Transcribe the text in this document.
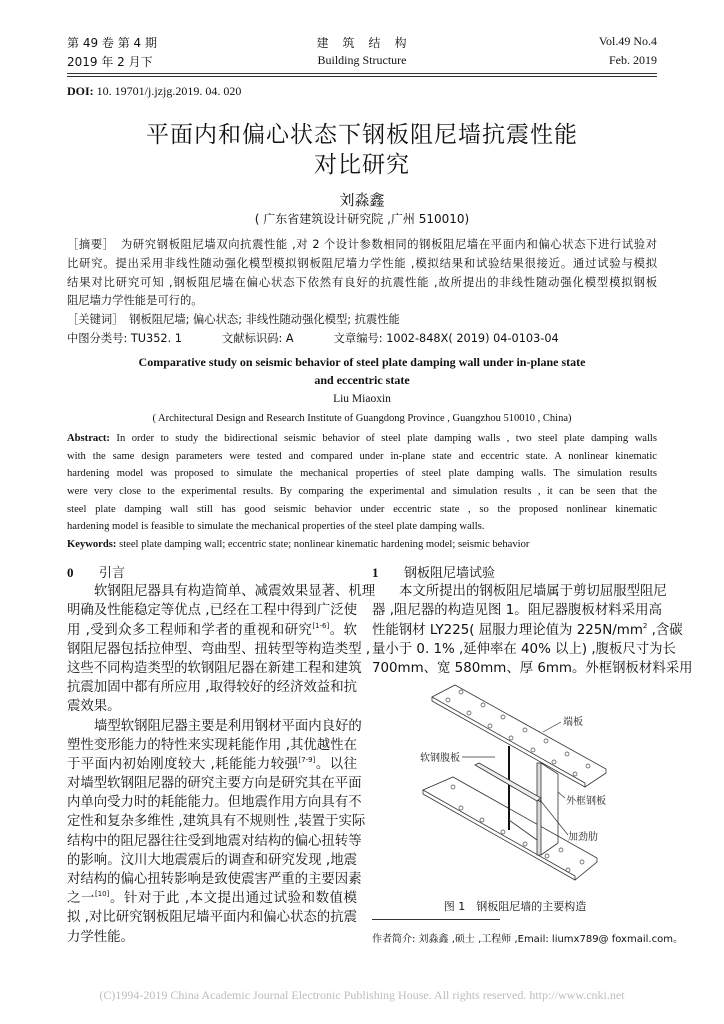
第 49 卷 第 4 期
2019 年 2 月下
建　筑　结　构
Building Structure
Vol.49 No.4
Feb. 2019
DOI: 10. 19701/j.jzjg.2019. 04. 020
平面内和偏心状态下钢板阻尼墙抗震性能
对比研究
刘淼鑫
( 广东省建筑设计研究院 ,广州 510010)
［摘要］　为研究钢板阻尼墙双向抗震性能 ,对 2 个设计参数相同的钢板阻尼墙在平面内和偏心状态下进行试验对
比研究。提出采用非线性随动强化模型模拟钢板阻尼墙力学性能 ,模拟结果和试验结果很接近。通过试验与模拟
结果对比研究可知 ,钢板阻尼墙在偏心状态下依然有良好的抗震性能 ,故所提出的非线性随动强化模型模拟钢板
阻尼墙力学性能是可行的。
［关键词］　钢板阻尼墙; 偏心状态; 非线性随动强化模型; 抗震性能
中图分类号: TU352. 1	文献标识码: A	文章编号: 1002-848X( 2019) 04-0103-04
Comparative study on seismic behavior of steel plate damping wall under in-plane state
and eccentric state
Liu Miaoxin
( Architectural Design and Research Institute of Guangdong Province , Guangzhou 510010 , China)
Abstract: In order to study the bidirectional seismic behavior of steel plate damping walls , two steel plate damping walls
with the same design parameters were tested and compared under in-plane state and eccentric state. A nonlinear kinematic
hardening model was proposed to simulate the mechanical properties of steel plate damping walls. The simulation results
were very close to the experimental results. By comparing the experimental and simulation results , it can be seen that the
steel plate damping wall still has good seismic behavior under eccentric state , so the proposed nonlinear kinematic
hardening model is feasible to simulate the mechanical properties of the steel plate damping walls.
Keywords: steel plate damping wall; eccentric state; nonlinear kinematic hardening model; seismic behavior
0 引言
软钢阻尼器具有构造简单、减震效果显著、机理
明确及性能稳定等优点 ,已经在工程中得到广泛使
用 ,受到众多工程师和学者的重视和研究[1-6]。软
钢阻尼器包括拉伸型、弯曲型、扭转型等构造类型 ,
这些不同构造类型的软钢阻尼器在新建工程和建筑
抗震加固中都有所应用 ,取得较好的经济效益和抗
震效果。
墙型软钢阻尼器主要是利用钢材平面内良好的
塑性变形能力的特性来实现耗能作用 ,其优越性在
于平面内初始刚度较大 ,耗能能力较强[7-9]。以往
对墙型软钢阻尼器的研究主要方向是研究其在平面
内单向受力时的耗能能力。但地震作用方向具有不
定性和复杂多维性 ,建筑具有不规则性 ,装置于实际
结构中的阻尼器往往受到地震对结构的偏心扭转等
的影响。汶川大地震震后的调查和研究发现 ,地震
对结构的偏心扭转影响是致使震害严重的主要因素
之一[10]。针对于此 ,本文提出通过试验和数值模
拟 ,对比研究钢板阻尼墙平面内和偏心状态的抗震
力学性能。
1 钢板阻尼墙试验
本文所提出的钢板阻尼墙属于剪切屈服型阻尼
器 ,阻尼器的构造见图 1。阻尼器腹板材料采用高
性能钢材 LY225( 屈服力理论值为 $225N/mm^2$ ,含碳
量小于 0. 1% ,延伸率在 40% 以上) ,腹板尺寸为长
700mm、宽 580mm、厚 6mm。外框钢板材料采用
端板
软钢腹板
外框钢板
加劲肋
图 1　钢板阻尼墙的主要构造
作者简介: 刘淼鑫 ,硕士 ,工程师 ,Email: liumx789@ foxmail.com。
(C)1994-2019 China Academic Journal Electronic Publishing House. All rights reserved. http://www.cnki.net
